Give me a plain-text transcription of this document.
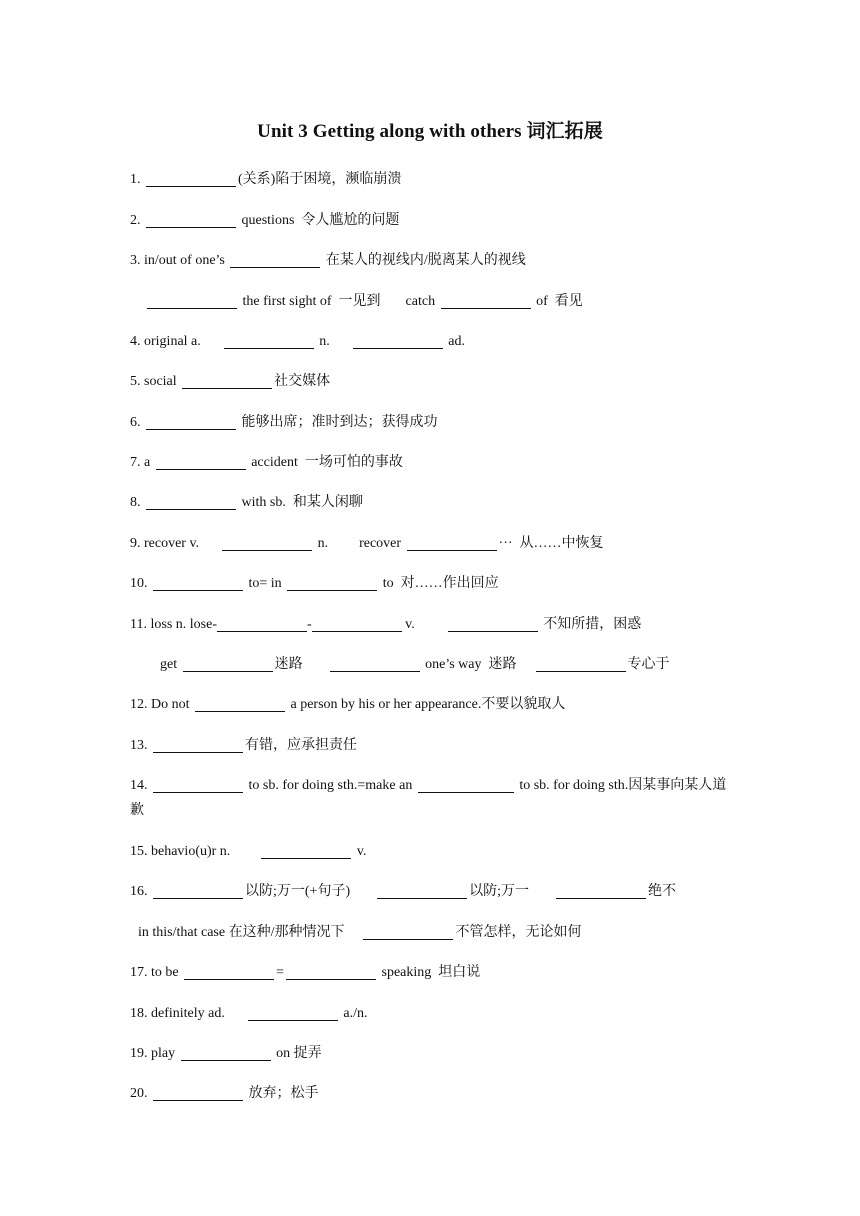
Unit 3 Getting along with others 词汇拓展
1.	(关系)陷于困境，濒临崩溃
2.	questions  令人尴尬的问题
3. in/out of one’s	在某人的视线内/脱离某人的视线
the first sight of  一见到 catch	of  看见
4. original a.	n.	ad.
5. social	社交媒体
6.	能够出席；准时到达；获得成功
7. a	accident  一场可怕的事故
8.	with sb.  和某人闲聊
9. recover v.	n. recover	···  从……中恢复
10.	to= in	to  对……作出回应
11. loss n. lose-	-	v.	不知所措，困惑
get	迷路	one’s way  迷路	专心于
12. Do not	a person by his or her appearance.不要以貌取人
13.	有错，应承担责任
14.	to sb. for doing sth.=make an	to sb. for doing sth.因某事向某人道歉
15. behavio(u)r n.	v.
16.	以防;万一(+句子)	以防;万一	绝不
in this/that case 在这种/那种情况下	不管怎样，无论如何
17. to be	=	speaking  坦白说
18. definitely ad.	a./n.
19. play	on 捉弄
20.	放弃；松手
